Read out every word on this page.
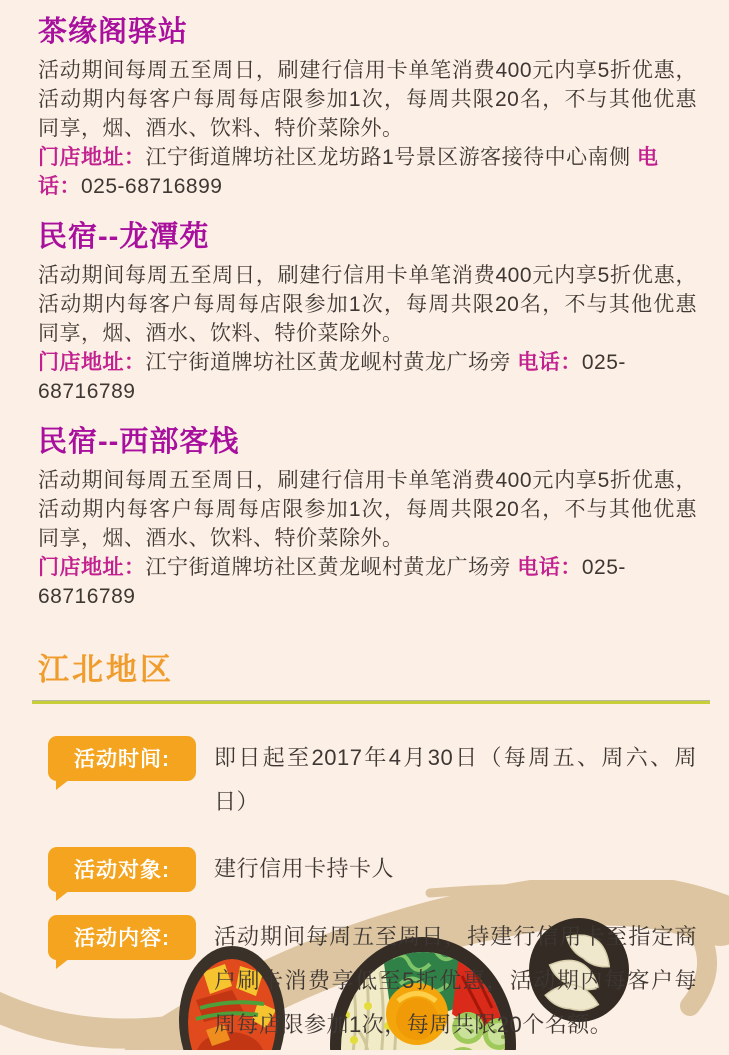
茶缘阁驿站

活动期间每周五至周日，刷建行信用卡单笔消费400元内享5折优惠，活动期内每客户每周每店限参加1次，每周共限20名，不与其他优惠同享，烟、酒水、饮料、特价菜除外。

门店地址：江宁街道牌坊社区龙坊路1号景区游客接待中心南侧 电话：025-68716899
民宿--龙潭苑

活动期间每周五至周日，刷建行信用卡单笔消费400元内享5折优惠，活动期内每客户每周每店限参加1次，每周共限20名，不与其他优惠同享，烟、酒水、饮料、特价菜除外。

门店地址：江宁街道牌坊社区黄龙岘村黄龙广场旁 电话：025-68716789
民宿--西部客栈

活动期间每周五至周日，刷建行信用卡单笔消费400元内享5折优惠，活动期内每客户每周每店限参加1次，每周共限20名，不与其他优惠同享，烟、酒水、饮料、特价菜除外。

门店地址：江宁街道牌坊社区黄龙岘村黄龙广场旁 电话：025-68716789
江北地区
活动时间:	即日起至2017年4月30日（每周五、周六、周日）
活动对象:	建行信用卡持卡人
活动内容:	活动期间每周五至周日，持建行信用卡至指定商户刷卡消费享低至5折优惠，活动期内每客户每周每店限参加1次，每周共限20个名额。
